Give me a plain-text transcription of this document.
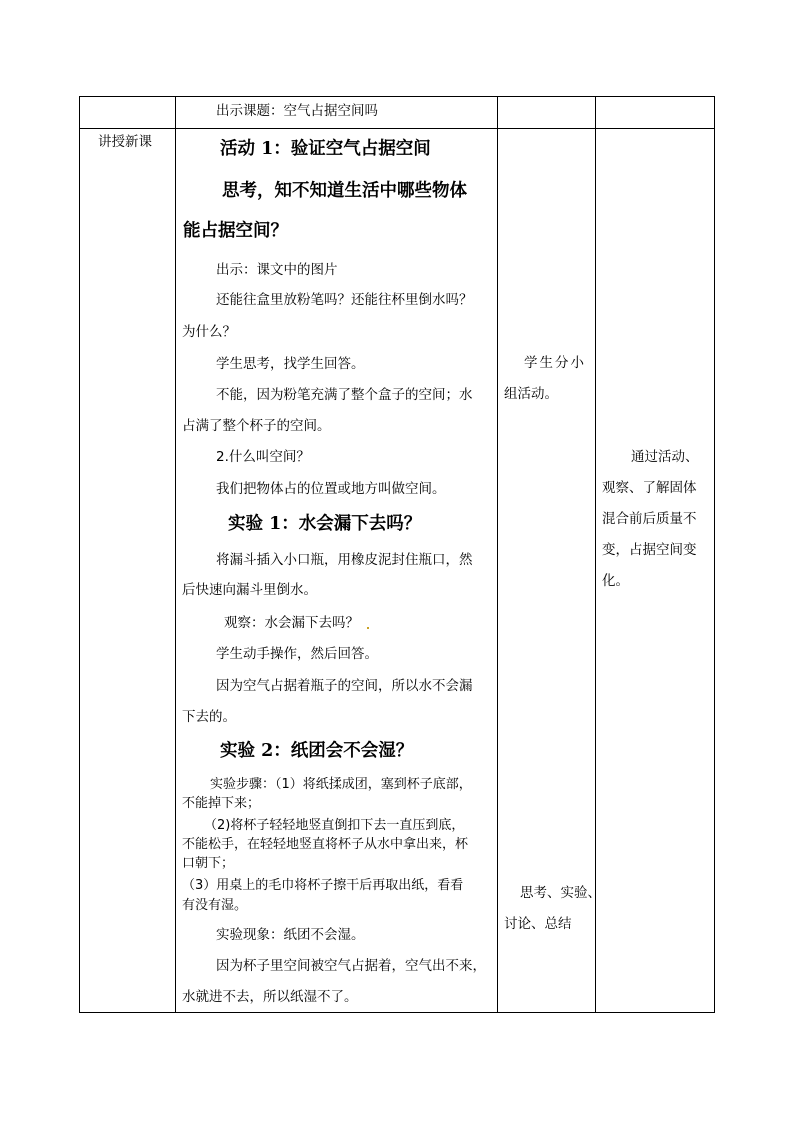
出示课题：空气占据空间吗
讲授新课	活动 1：验证空气占据空间
思考，知不知道生活中哪些物体
能占据空间？
出示：课文中的图片
还能往盒里放粉笔吗？还能往杯里倒水吗？
为什么？
学生思考，找学生回答。
不能，因为粉笔充满了整个盒子的空间；水
占满了整个杯子的空间。
2.什么叫空间？
我们把物体占的位置或地方叫做空间。
实验 1：水会漏下去吗？
将漏斗插入小口瓶，用橡皮泥封住瓶口，然
后快速向漏斗里倒水。
观察：水会漏下去吗？
学生动手操作，然后回答。
因为空气占据着瓶子的空间，所以水不会漏
下去的。
实验 2：纸团会不会湿？
实验步骤：（1）将纸揉成团，塞到杯子底部，
不能掉下来；
（2)将杯子轻轻地竖直倒扣下去一直压到底，
不能松手，在轻轻地竖直将杯子从水中拿出来，杯
口朝下；
（3）用桌上的毛巾将杯子擦干后再取出纸，看看
有没有湿。
实验现象：纸团不会湿。
因为杯子里空间被空气占据着，空气出不来，
水就进不去，所以纸湿不了。
学生分小
组活动。
思考、实验、
讨论、总结
通过活动、
观察、了解固体
混合前后质量不
变，占据空间变
化。
